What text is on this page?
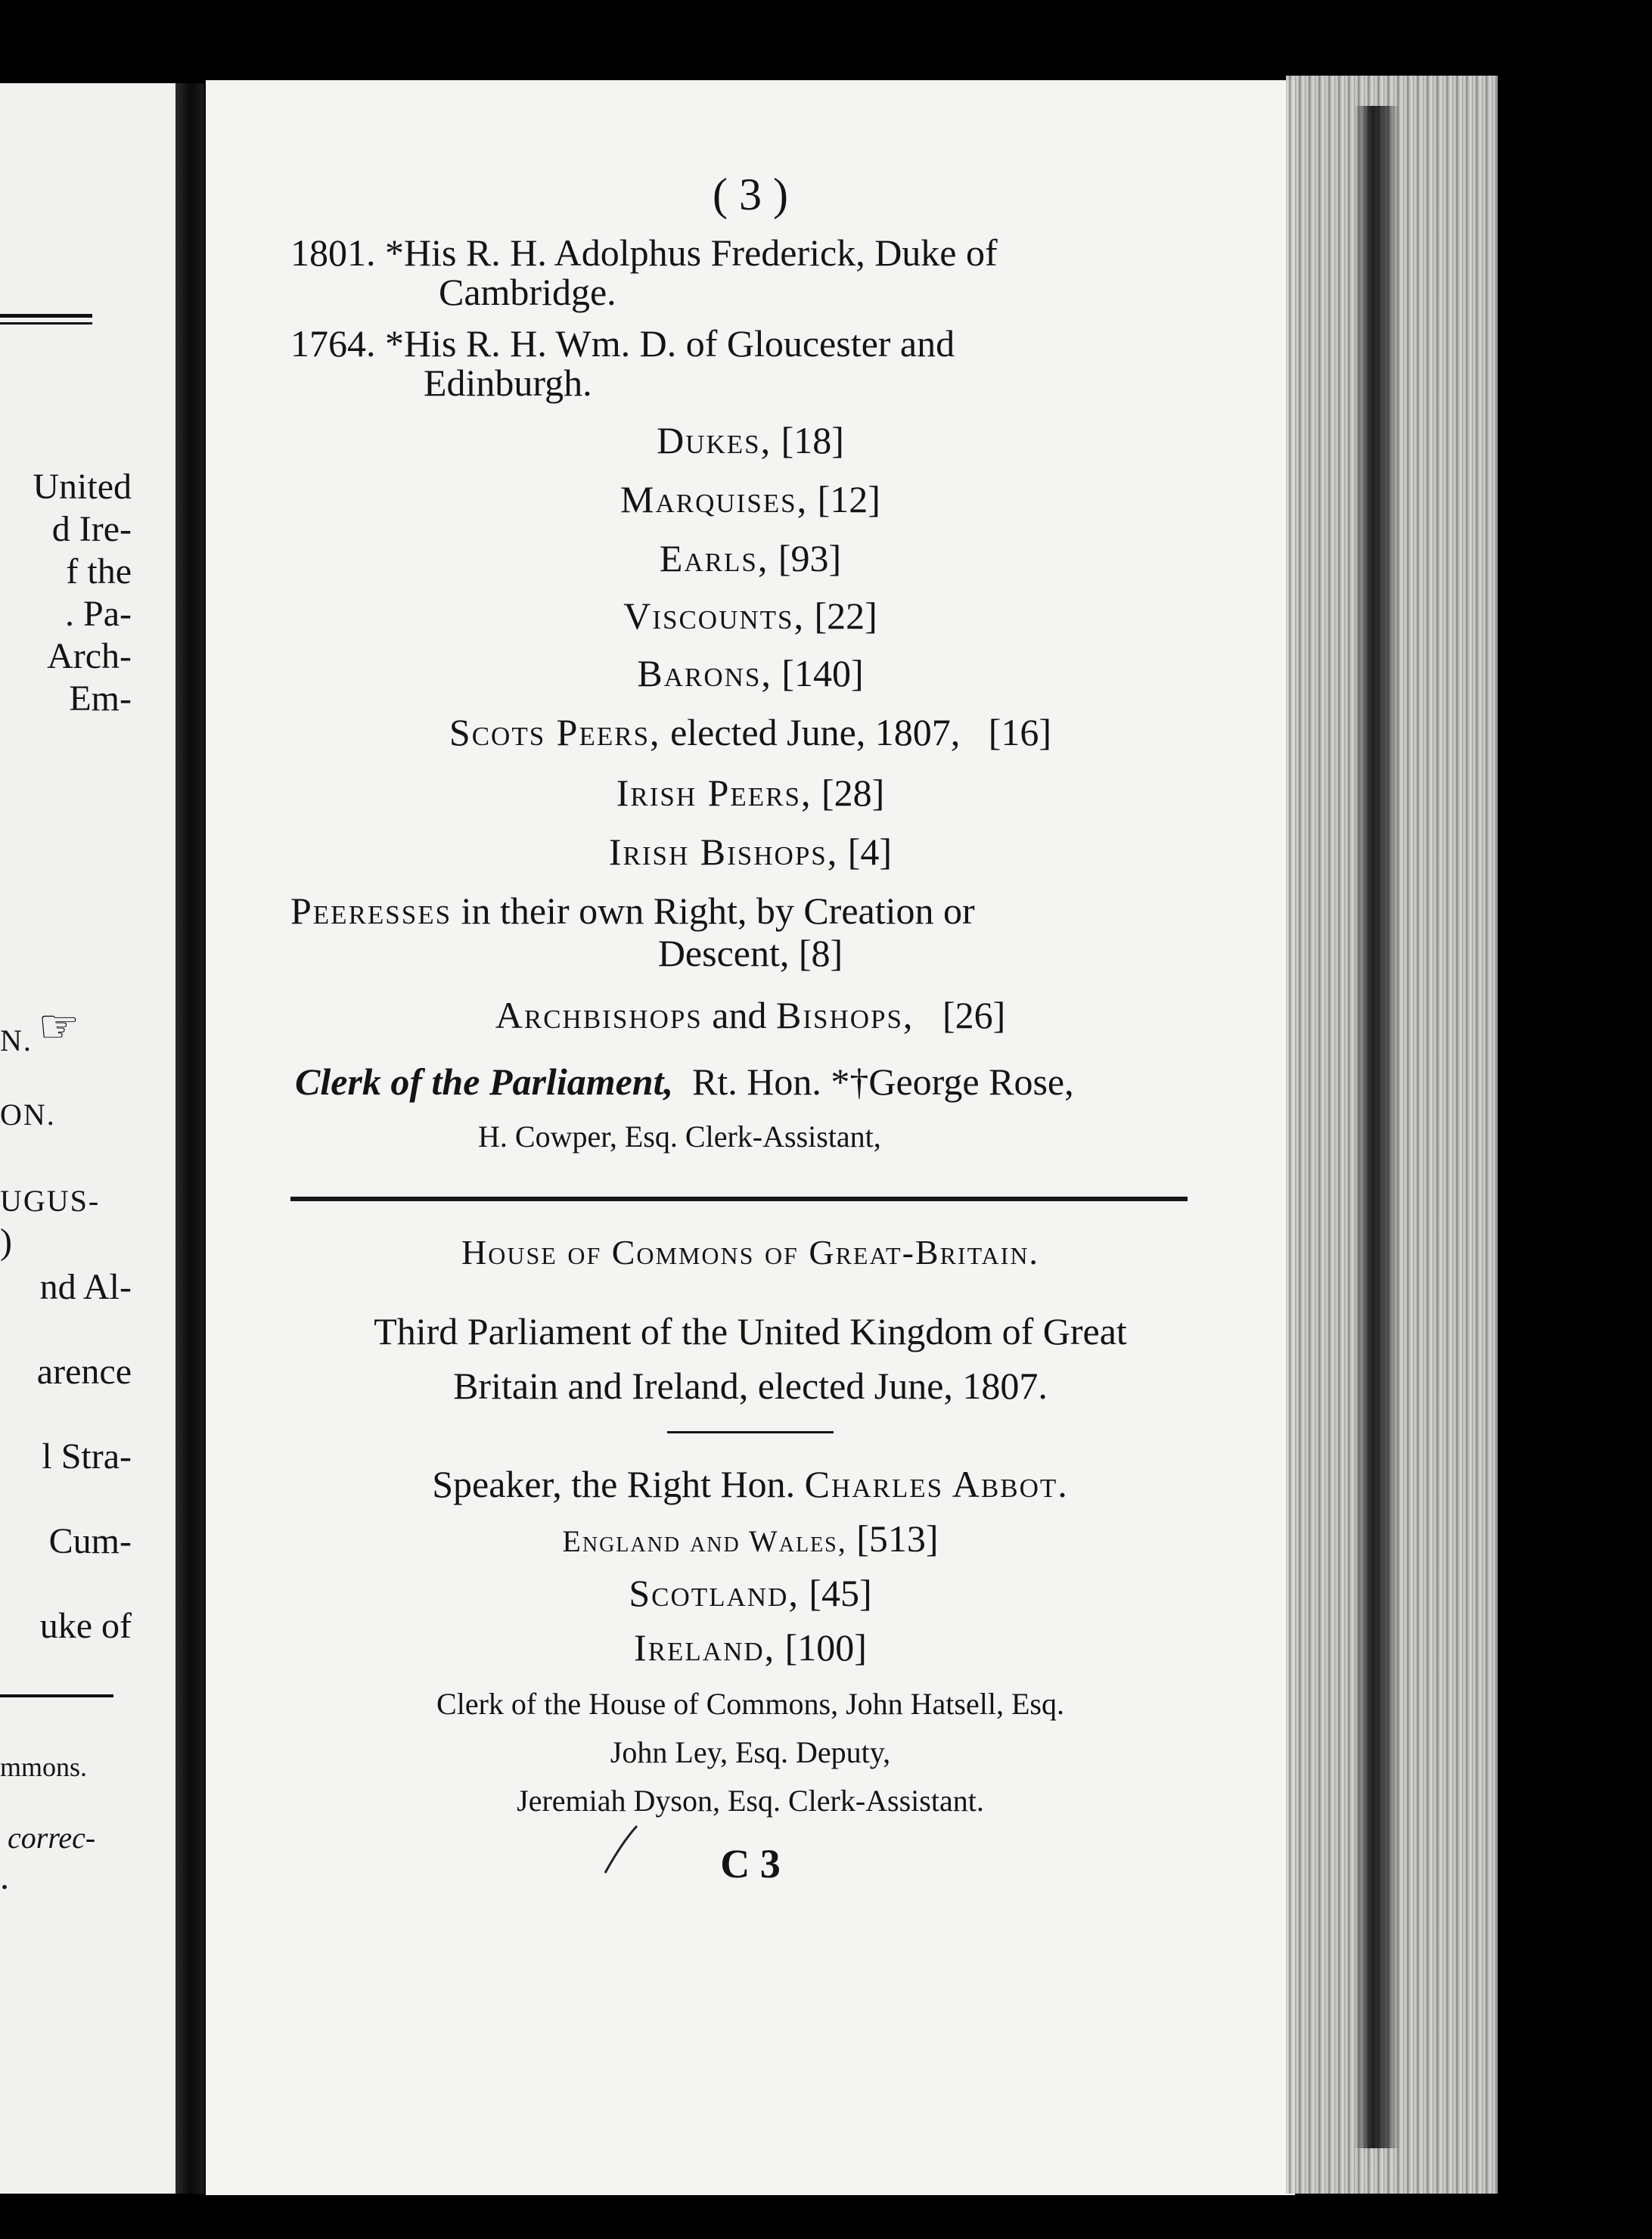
United
d Ire-
f the
. Pa-
Arch-
Em-
N. ☞
ON.
UGUS-
)
nd Al-
arence
l Stra-
Cum-
uke of
mmons.
correc-
.
( 3 )
1801. *His R. H. Adolphus Frederick, Duke of
Cambridge.
1764. *His R. H. Wm. D. of Gloucester and
Edinburgh.
Dukes, [18]
Marquises, [12]
Earls, [93]
Viscounts, [22]
Barons, [140]
Scots Peers, elected June, 1807, [16]
Irish Peers, [28]
Irish Bishops, [4]
Peeresses in their own Right, by Creation or
Descent, [8]
Archbishops and Bishops, [26]
Clerk of the Parliament, Rt. Hon. *†George Rose,
H. Cowper, Esq. Clerk-Assistant,
House of Commons of Great-Britain.
Third Parliament of the United Kingdom of Great
Britain and Ireland, elected June, 1807.
Speaker, the Right Hon. Charles Abbot.
England and Wales, [513]
Scotland, [45]
Ireland, [100]
Clerk of the House of Commons, John Hatsell, Esq.
John Ley, Esq. Deputy,
Jeremiah Dyson, Esq. Clerk-Assistant.
C 3
